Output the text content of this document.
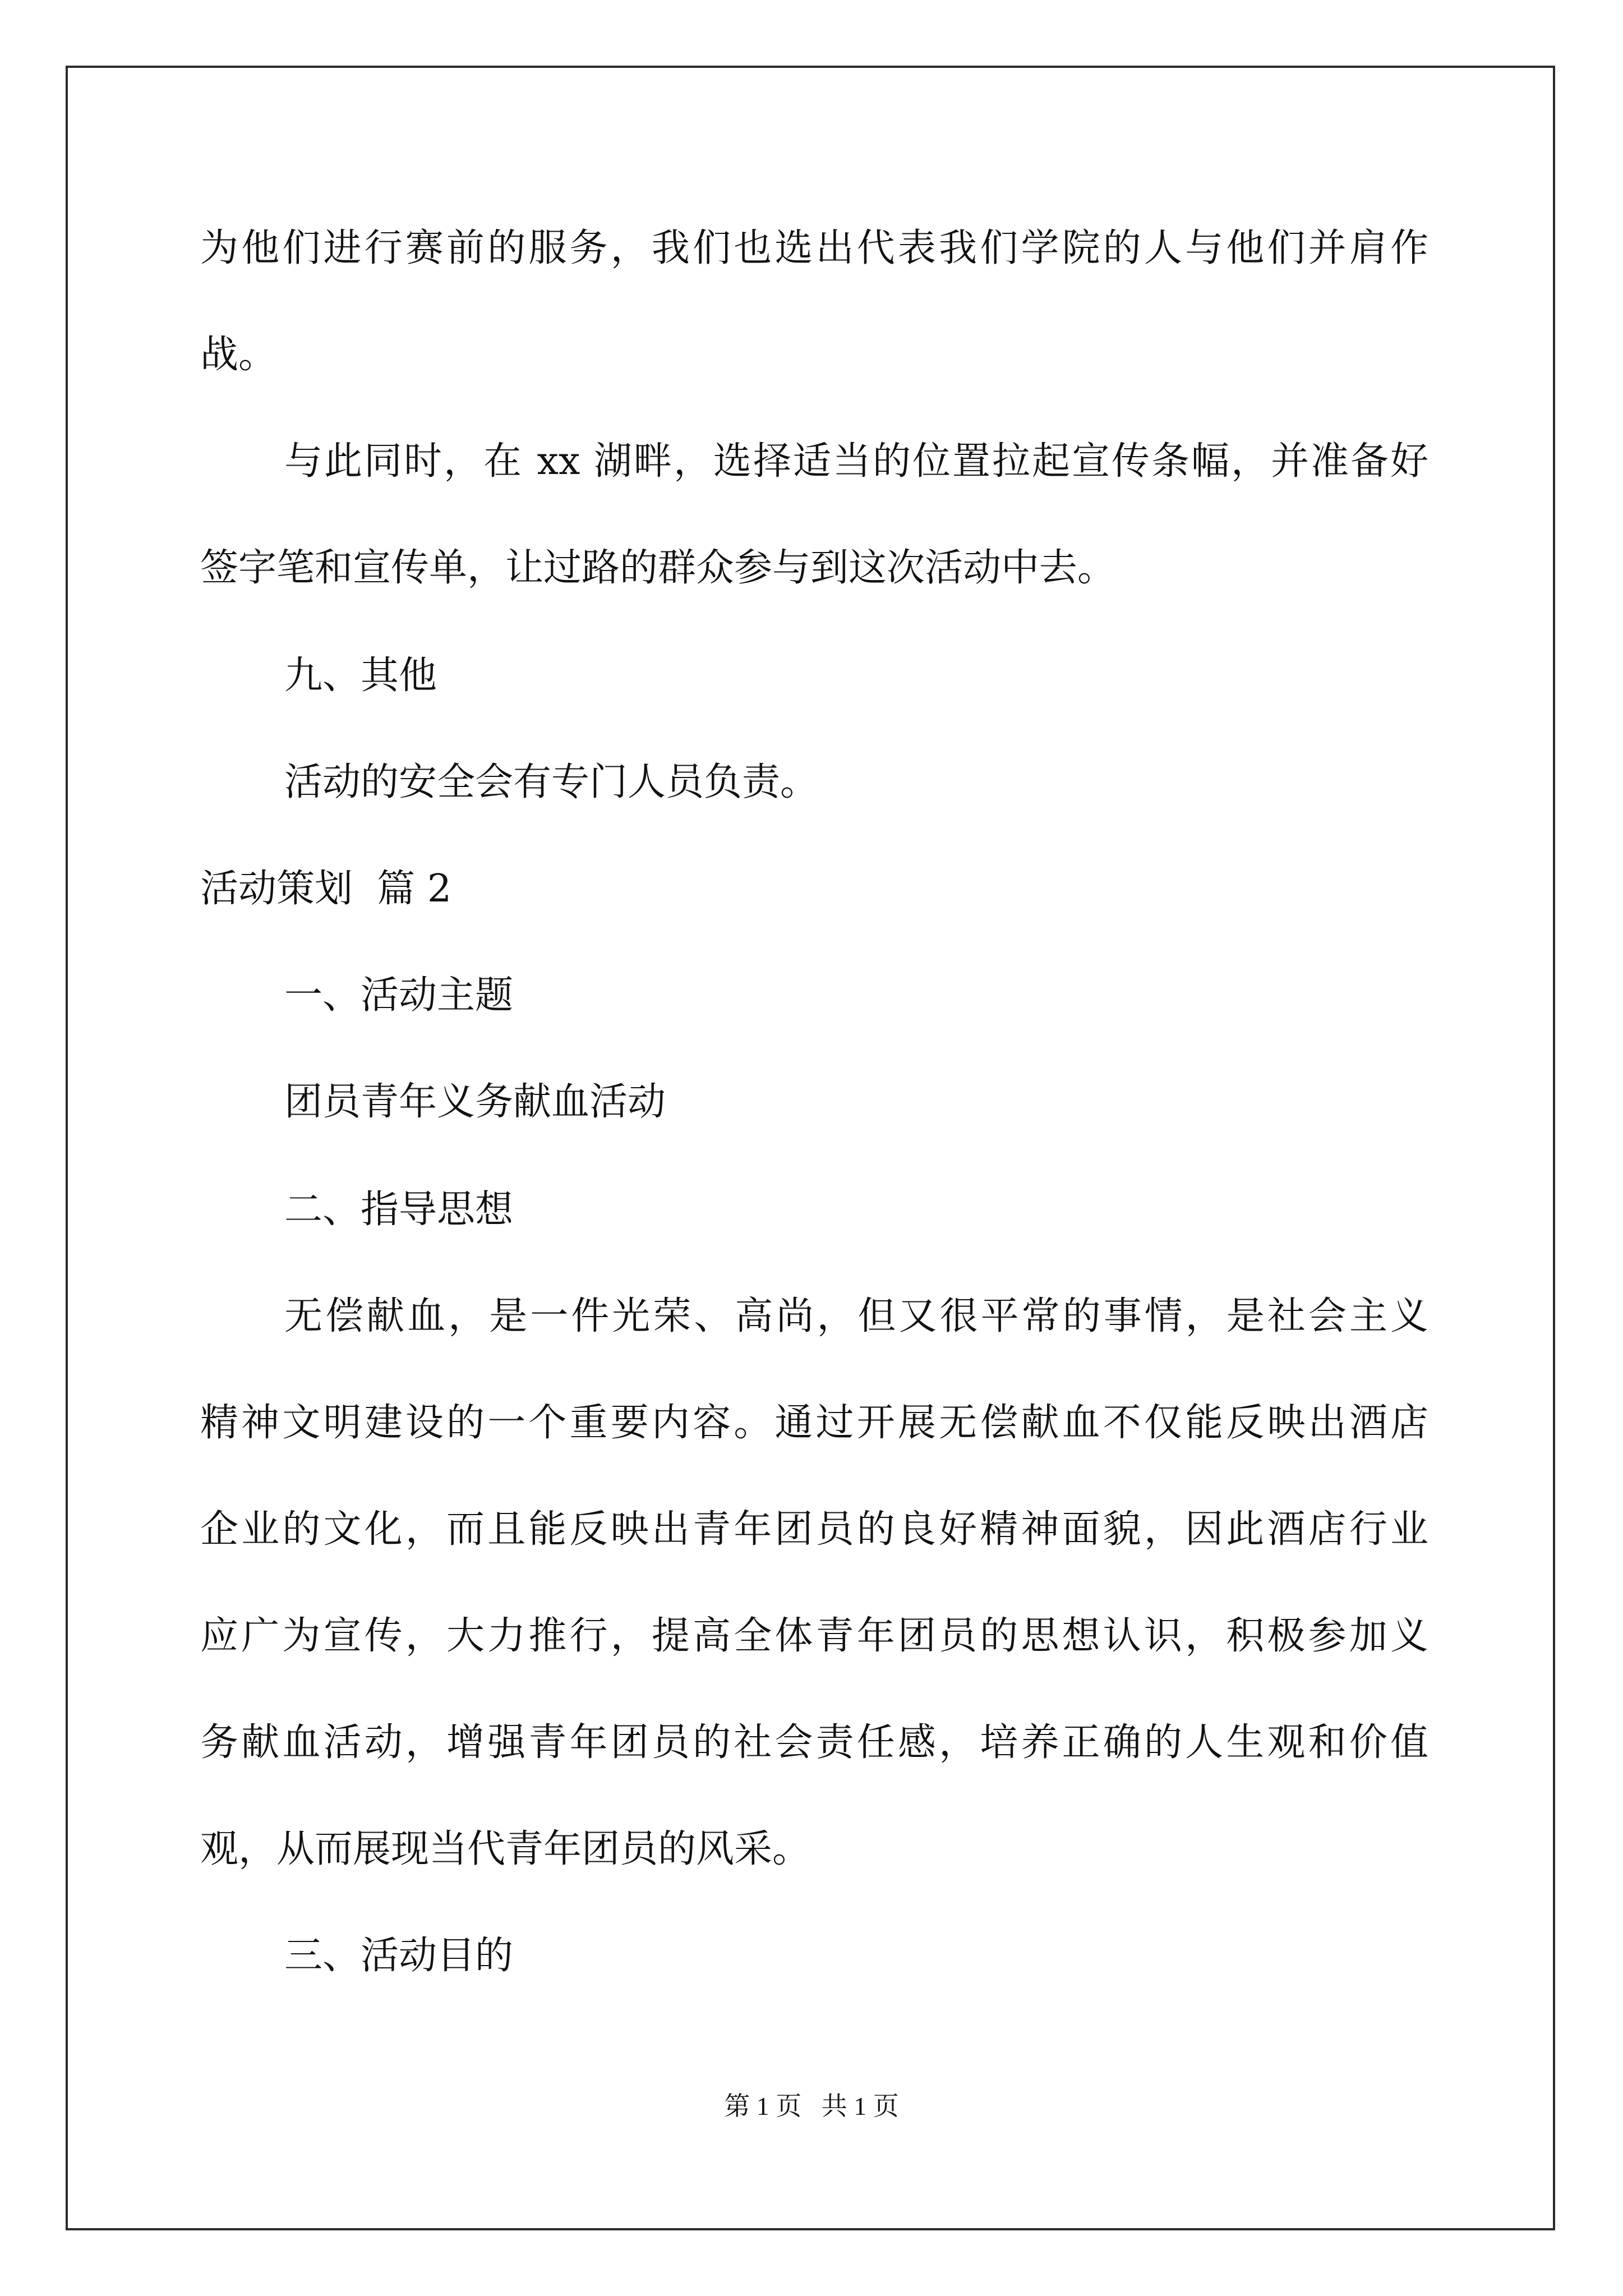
为他们进行赛前的服务，我们也选出代表我们学院的人与他们并肩作
战。
与此同时，在 xx 湖畔，选择适当的位置拉起宣传条幅，并准备好
签字笔和宣传单，让过路的群众参与到这次活动中去。
九、其他
活动的安全会有专门人员负责。
活动策划  篇 2
一、活动主题
团员青年义务献血活动
二、指导思想
无偿献血，是一件光荣、高尚，但又很平常的事情，是社会主义
精神文明建设的一个重要内容。通过开展无偿献血不仅能反映出酒店
企业的文化，而且能反映出青年团员的良好精神面貌，因此酒店行业
应广为宣传，大力推行，提高全体青年团员的思想认识，积极参加义
务献血活动，增强青年团员的社会责任感，培养正确的人生观和价值
观，从而展现当代青年团员的风采。
三、活动目的
第 1 页 共 1 页
